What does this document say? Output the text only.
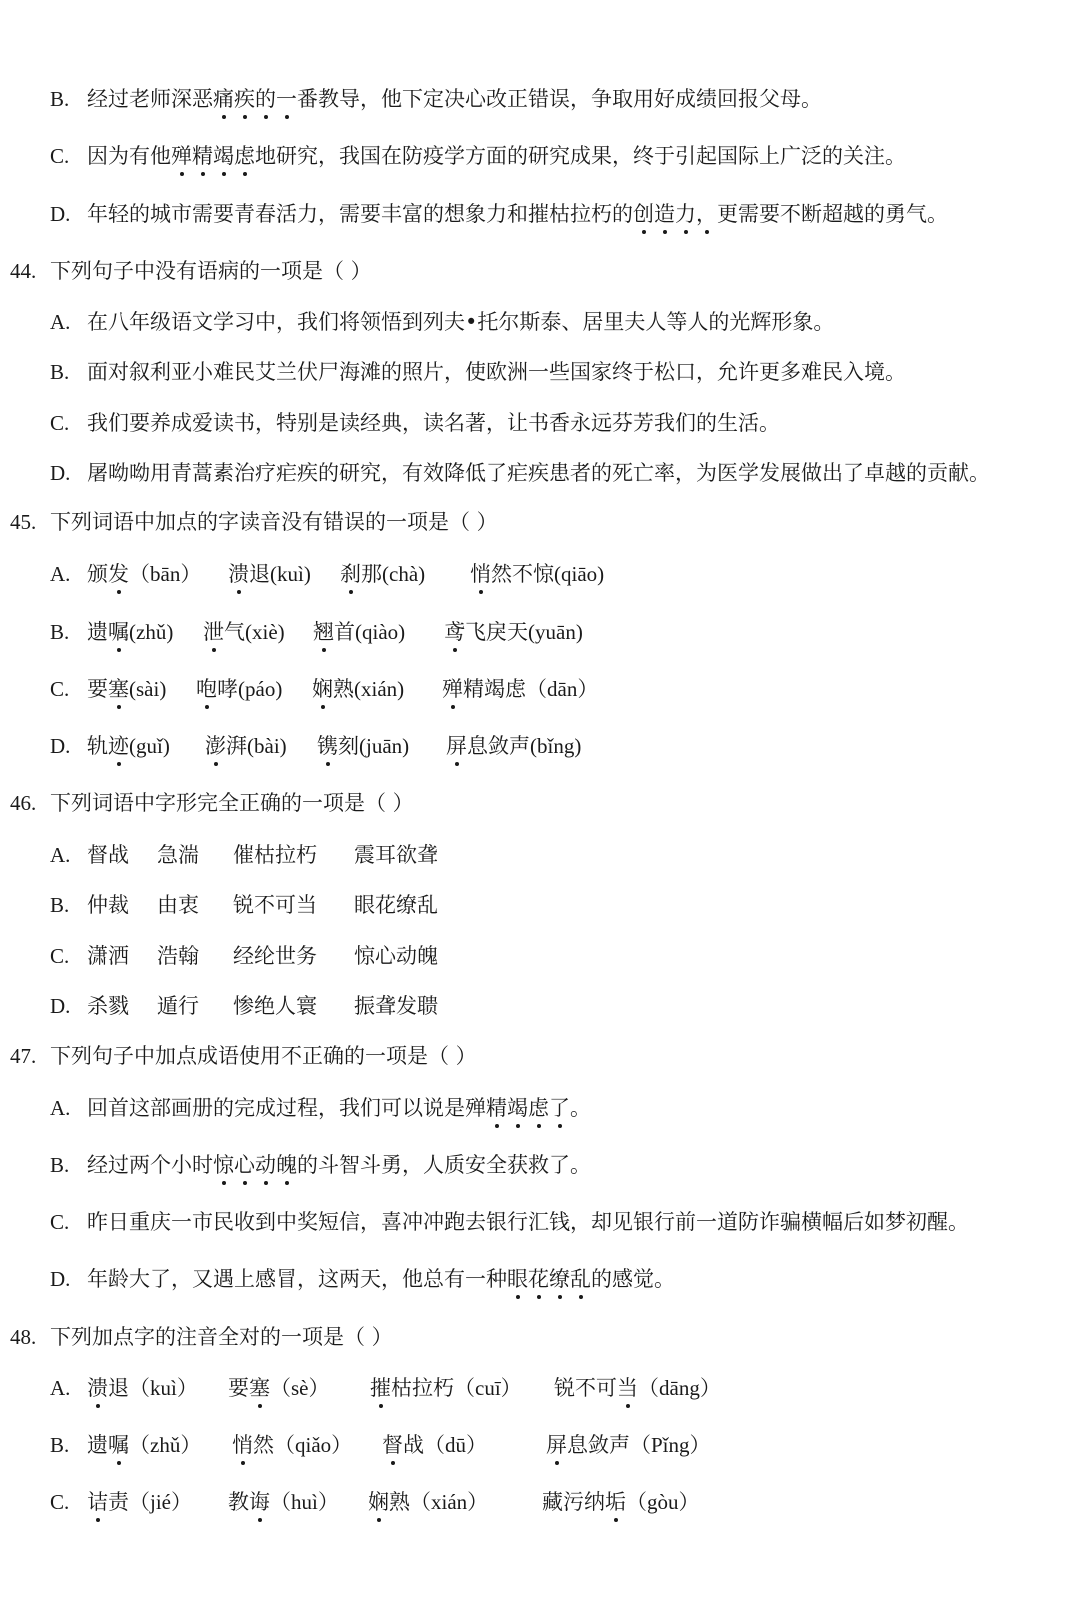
B. 经过老师深恶痛疾的一番教导，他下定决心改正错误，争取用好成绩回报父母。
C. 因为有他殚精竭虑地研究，我国在防疫学方面的研究成果，终于引起国际上广泛的关注。
D. 年轻的城市需要青春活力，需要丰富的想象力和摧枯拉朽的创造力，更需要不断超越的勇气。
44. 下列句子中没有语病的一项是（ ）
A. 在八年级语文学习中，我们将领悟到列夫•托尔斯泰、居里夫人等人的光辉形象。
B. 面对叙利亚小难民艾兰伏尸海滩的照片，使欧洲一些国家终于松口，允许更多难民入境。
C. 我们要养成爱读书，特别是读经典，读名著，让书香永远芬芳我们的生活。
D. 屠呦呦用青蒿素治疗疟疾的研究，有效降低了疟疾患者的死亡率，为医学发展做出了卓越的贡献。
45. 下列词语中加点的字读音没有错误的一项是（ ）
A. 颁发（bān） 溃退(kuì) 刹那(chà) 悄然不惊(qiāo)
B. 遗嘱(zhǔ) 泄气(xiè) 翘首(qiào) 鸢飞戾天(yuān)
C. 要塞(sài) 咆哮(páo) 娴熟(xián) 殚精竭虑（dān）
D. 轨迹(guǐ) 澎湃(bài) 镌刻(juān) 屏息敛声(bǐng)
46. 下列词语中字形完全正确的一项是（ ）
A. 督战 急湍 催枯拉朽 震耳欲聋
B. 仲裁 由衷 锐不可当 眼花缭乱
C. 潇洒 浩翰 经纶世务 惊心动魄
D. 杀戮 遁行 惨绝人寰 振聋发聩
47. 下列句子中加点成语使用不正确的一项是（ ）
A. 回首这部画册的完成过程，我们可以说是殚精竭虑了。
B. 经过两个小时惊心动魄的斗智斗勇，人质安全获救了。
C. 昨日重庆一市民收到中奖短信，喜冲冲跑去银行汇钱，却见银行前一道防诈骗横幅后如梦初醒。
D. 年龄大了，又遇上感冒，这两天，他总有一种眼花缭乱的感觉。
48. 下列加点字的注音全对的一项是（ ）
A. 溃退（kuì） 要塞（sè） 摧枯拉朽（cuī） 锐不可当（dāng）
B. 遗嘱（zhǔ） 悄然（qiǎo） 督战（dū）	屏息敛声（Pǐng）
C. 诘责（jié） 教诲（huì） 娴熟（xián）	藏污纳垢（gòu）
